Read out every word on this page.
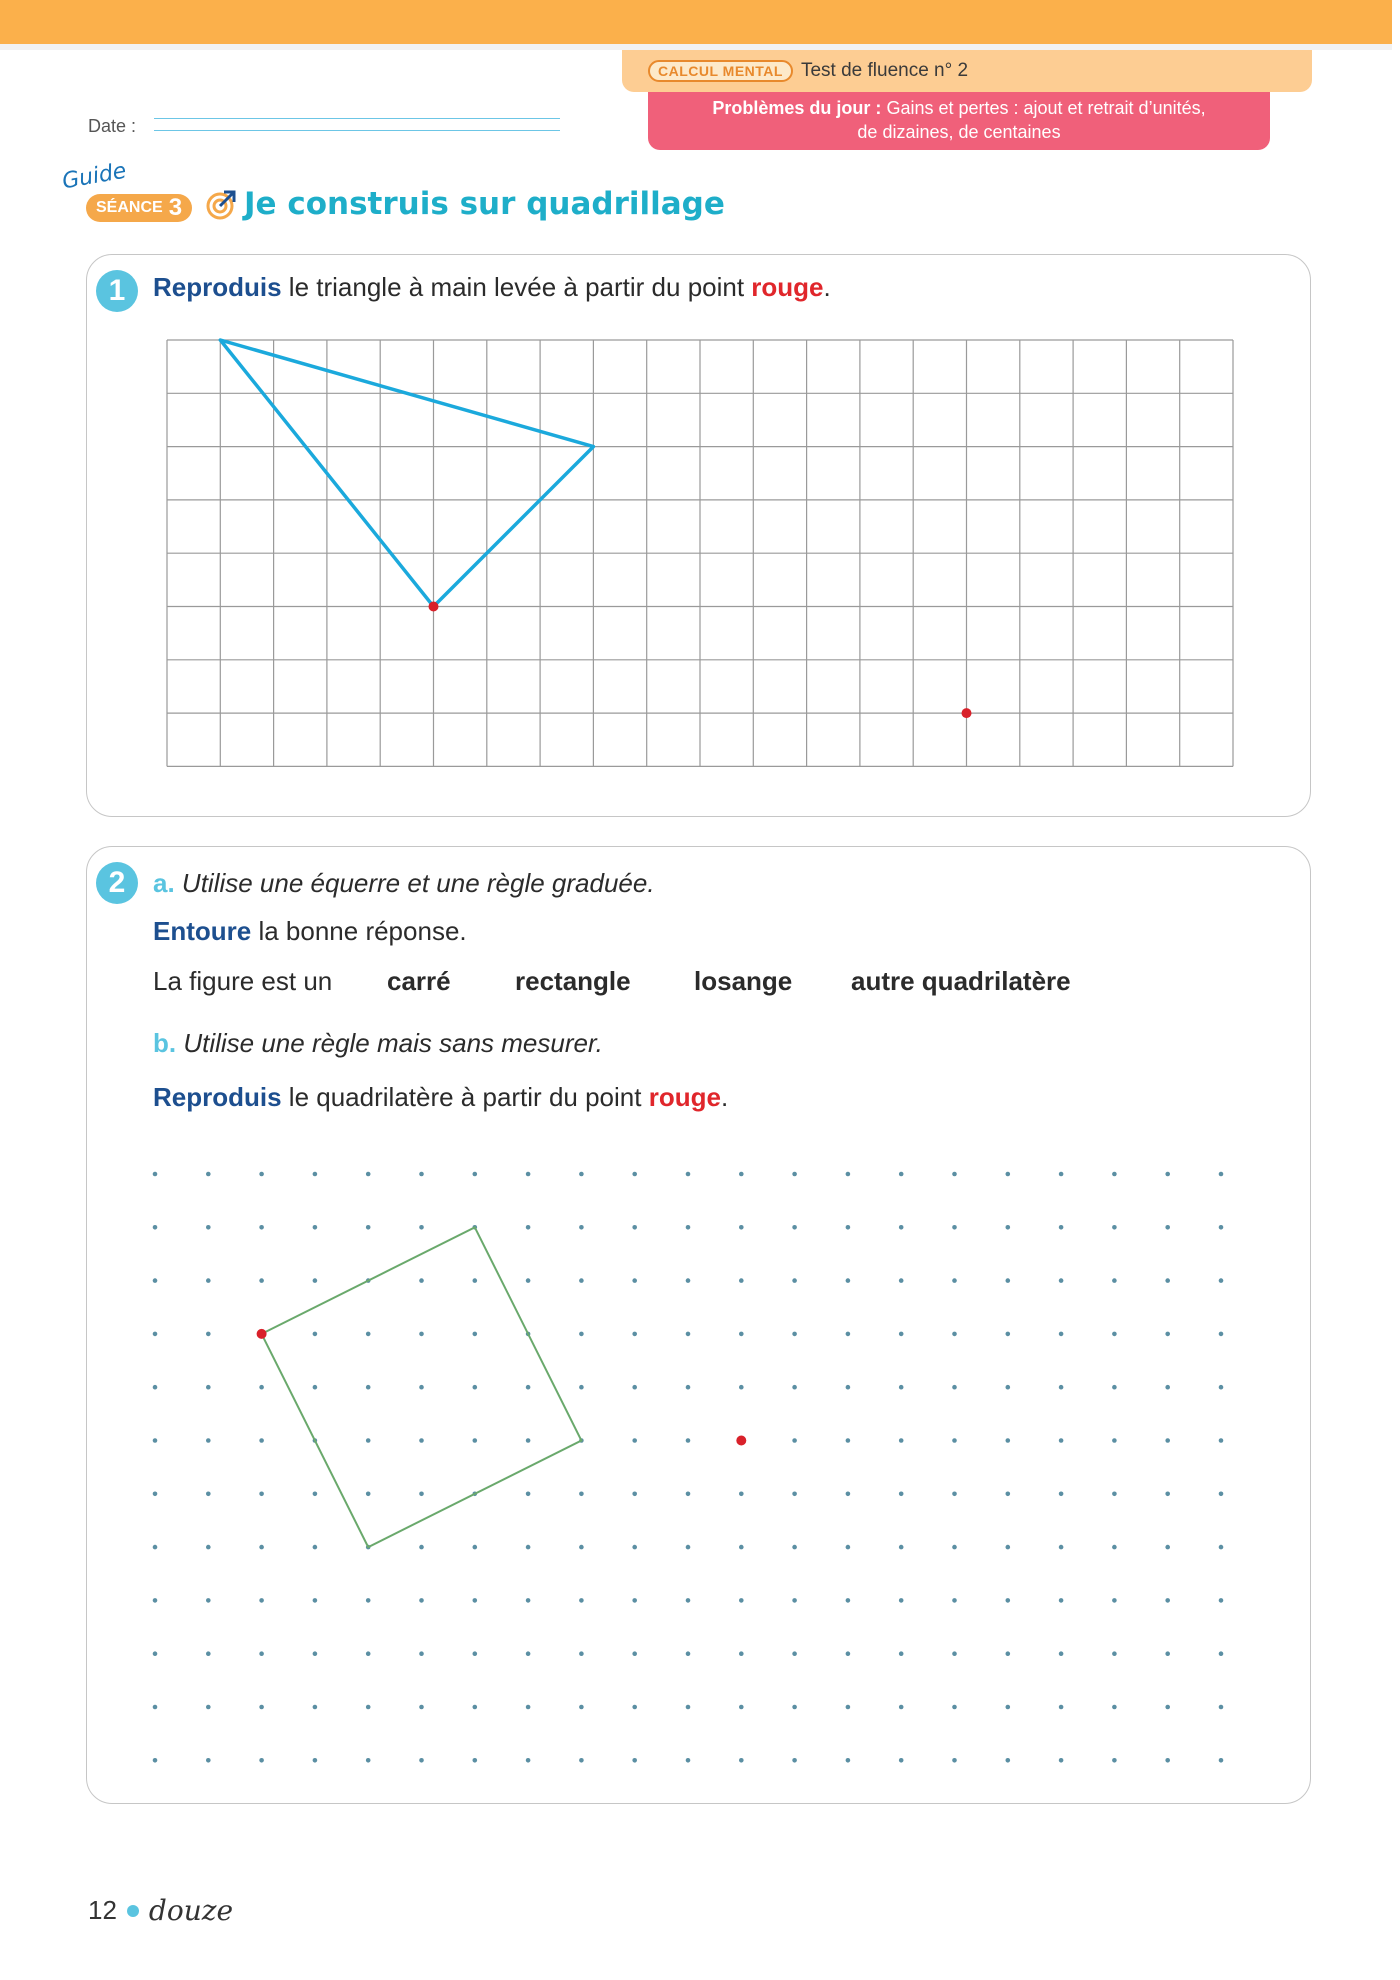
CALCUL MENTAL Test de fluence n° 2
Problèmes du jour : Gains et pertes : ajout et retrait d’unités,
de dizaines, de centaines
Date :
Guide
SÉANCE 3 Je construis sur quadrillage
1	Reproduis le triangle à main levée à partir du point rouge.
2	a. Utilise une équerre et une règle graduée.
Entoure la bonne réponse.
La figure est un carré rectangle losange autre quadrilatère
b. Utilise une règle mais sans mesurer.
Reproduis le quadrilatère à partir du point rouge.
12 douze
